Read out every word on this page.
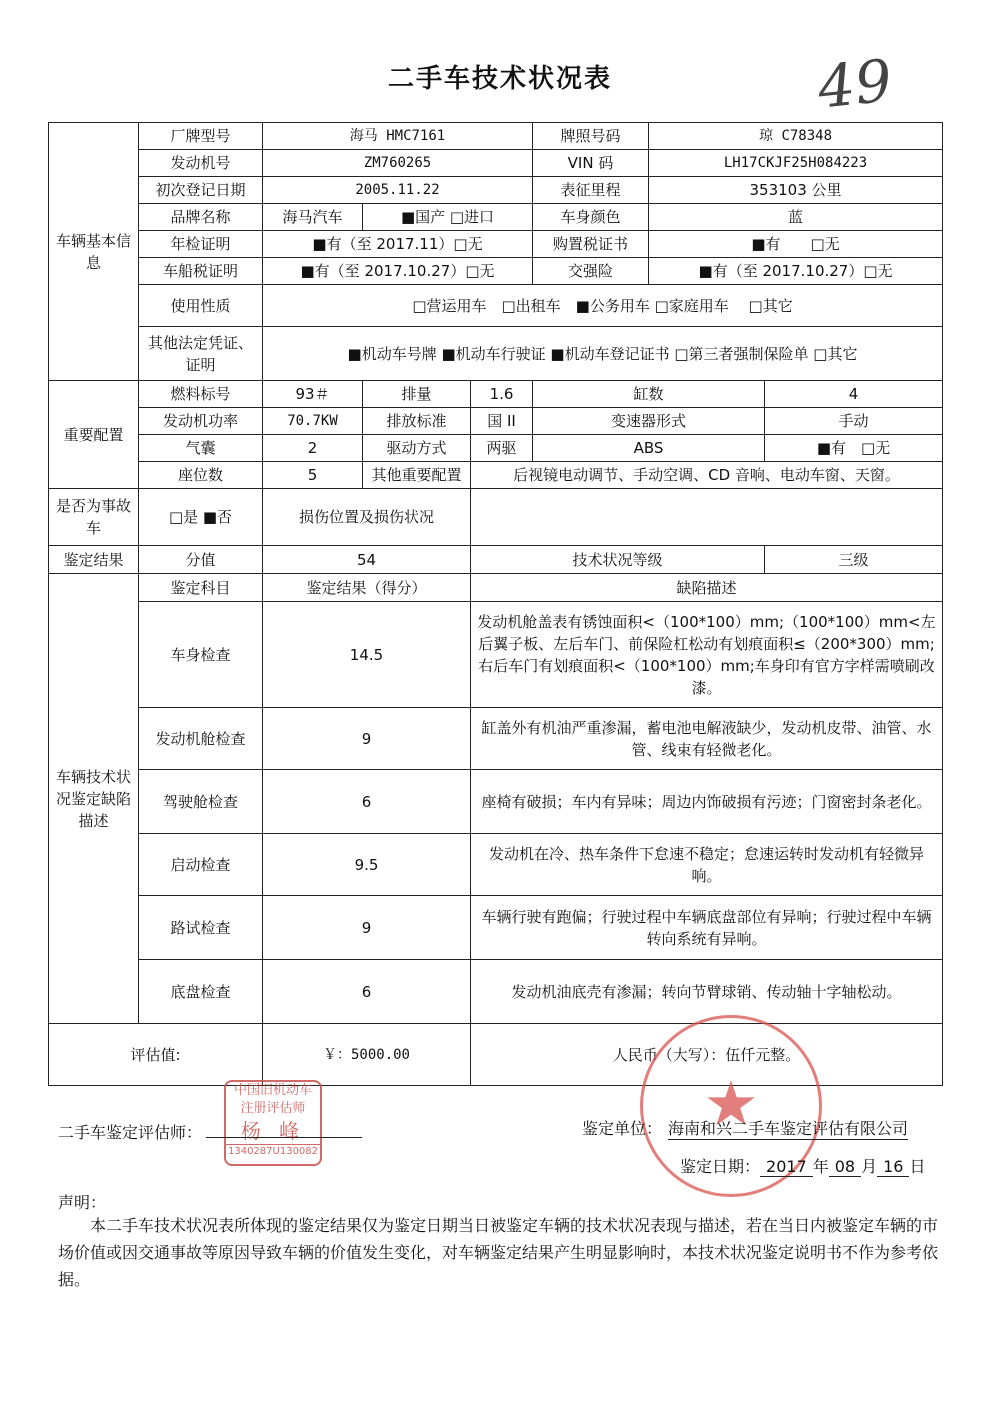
二手车技术状况表	49
车辆基本信息	厂牌型号	海马 HMC7161			牌照号码	琼 C78348	
	发动机号	ZM760265			VIN 码	LH17CKJF25H084223	
	初次登记日期	2005.11.22			表征里程	353103 公里	
	品牌名称	海马汽车	■国产 □进口		车身颜色	蓝	
	年检证明	■有（至 2017.11）□无			购置税证书	■有　　□无	
	车船税证明	■有（至 2017.10.27）□无			交强险	■有（至 2017.10.27）□无	
	使用性质	□营运用车　□出租车　■公务用车 □家庭用车　 □其它					
	其他法定凭证、证明	■机动车号牌 ■机动车行驶证 ■机动车登记证书 □第三者强制保险单 □其它					
重要配置	燃料标号	93＃	排量	1.6	缸数		4
	发动机功率	70.7KW	排放标准	国 II	变速器形式		手动
	气囊	2	驱动方式	两驱	ABS		■有　□无
	座位数	5	其他重要配置	后视镜电动调节、手动空调、CD 音响、电动车窗、天窗。			
是否为事故车	□是 ■否	损伤位置及损伤状况					
鉴定结果	分值	54		技术状况等级			三级
车辆技术状况鉴定缺陷描述	鉴定科目	鉴定结果（得分）		缺陷描述			
	车身检查	14.5		发动机舱盖表有锈蚀面积<（100*100）mm;（100*100）mm<左后翼子板、左后车门、前保险杠松动有划痕面积≤（200*300）mm;右后车门有划痕面积<（100*100）mm;车身印有官方字样需喷刷改漆。			
	发动机舱检查	9		缸盖外有机油严重渗漏，蓄电池电解液缺少，发动机皮带、油管、水管、线束有轻微老化。			
	驾驶舱检查	6		座椅有破损；车内有异味；周边内饰破损有污迹；门窗密封条老化。			
	启动检查	9.5		发动机在冷、热车条件下怠速不稳定；怠速运转时发动机有轻微异响。			
	路试检查	9		车辆行驶有跑偏；行驶过程中车辆底盘部位有异响；行驶过程中车辆转向系统有异响。			
	底盘检查	6		发动机油底壳有渗漏；转向节臂球销、传动轴十字轴松动。			
评估值:		￥：5000.00		人民币（大写）：伍仟元整。			
中国旧机动车
注册评估师
杨 峰
1340287U130082
★
二手车鉴定评估师：	鉴定单位： 海南和兴二手车鉴定评估有限公司
鉴定日期： 2017 年 08 月 16 日
声明：
本二手车技术状况表所体现的鉴定结果仅为鉴定日期当日被鉴定车辆的技术状况表现与描述，若在当日内被鉴定车辆的市场价值或因交通事故等原因导致车辆的价值发生变化，对车辆鉴定结果产生明显影响时，本技术状况鉴定说明书不作为参考依据。
